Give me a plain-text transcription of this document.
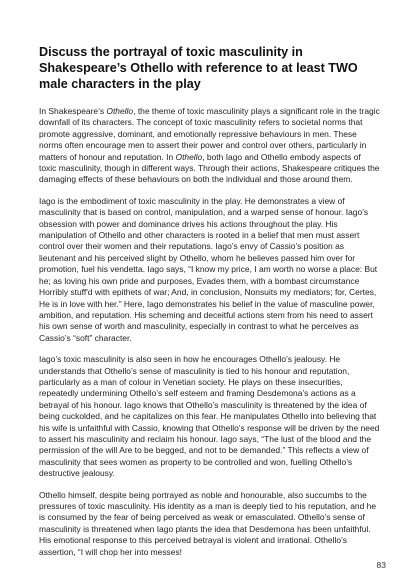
Discuss the portrayal of toxic masculinity in Shakespeare’s Othello with reference to at least TWO male characters in the play

In Shakespeare’s Othello, the theme of toxic masculinity plays a significant role in the tragic downfall of its characters. The concept of toxic masculinity refers to societal norms that promote aggressive, dominant, and emotionally repressive behaviours in men. These norms often encourage men to assert their power and control over others, particularly in matters of honour and reputation. In Othello, both Iago and Othello embody aspects of toxic masculinity, though in different ways. Through their actions, Shakespeare critiques the damaging effects of these behaviours on both the individual and those around them.

Iago is the embodiment of toxic masculinity in the play. He demonstrates a view of masculinity that is based on control, manipulation, and a warped sense of honour. Iago’s obsession with power and dominance drives his actions throughout the play. His manipulation of Othello and other characters is rooted in a belief that men must assert control over their women and their reputations. Iago’s envy of Cassio’s position as lieutenant and his perceived slight by Othello, whom he believes passed him over for promotion, fuel his vendetta. Iago says, “I know my price, I am worth no worse a place: But he; as loving his own pride and purposes, Evades them, with a bombast circumstance Horribly stuff'd with epithets of war; And, in conclusion, Nonsuits my mediators; for, Certes, He is in love with her.” Here, Iago demonstrates his belief in the value of masculine power, ambition, and reputation. His scheming and deceitful actions stem from his need to assert his own sense of worth and masculinity, especially in contrast to what he perceives as Cassio’s “soft” character.

Iago’s toxic masculinity is also seen in how he encourages Othello’s jealousy. He understands that Othello’s sense of masculinity is tied to his honour and reputation, particularly as a man of colour in Venetian society. He plays on these insecurities, repeatedly undermining Othello’s self esteem and framing Desdemona’s actions as a betrayal of his honour. Iago knows that Othello’s masculinity is threatened by the idea of being cuckolded, and he capitalizes on this fear. He manipulates Othello into believing that his wife is unfaithful with Cassio, knowing that Othello’s response will be driven by the need to assert his masculinity and reclaim his honour. Iago says, “The lust of the blood and the permission of the will Are to be begged, and not to be demanded.” This reflects a view of masculinity that sees women as property to be controlled and won, fuelling Othello’s destructive jealousy.

Othello himself, despite being portrayed as noble and honourable, also succumbs to the pressures of toxic masculinity. His identity as a man is deeply tied to his reputation, and he is consumed by the fear of being perceived as weak or emasculated. Othello’s sense of masculinity is threatened when Iago plants the idea that Desdemona has been unfaithful. His emotional response to this perceived betrayal is violent and irrational. Othello’s assertion, “I will chop her into messes!

83
